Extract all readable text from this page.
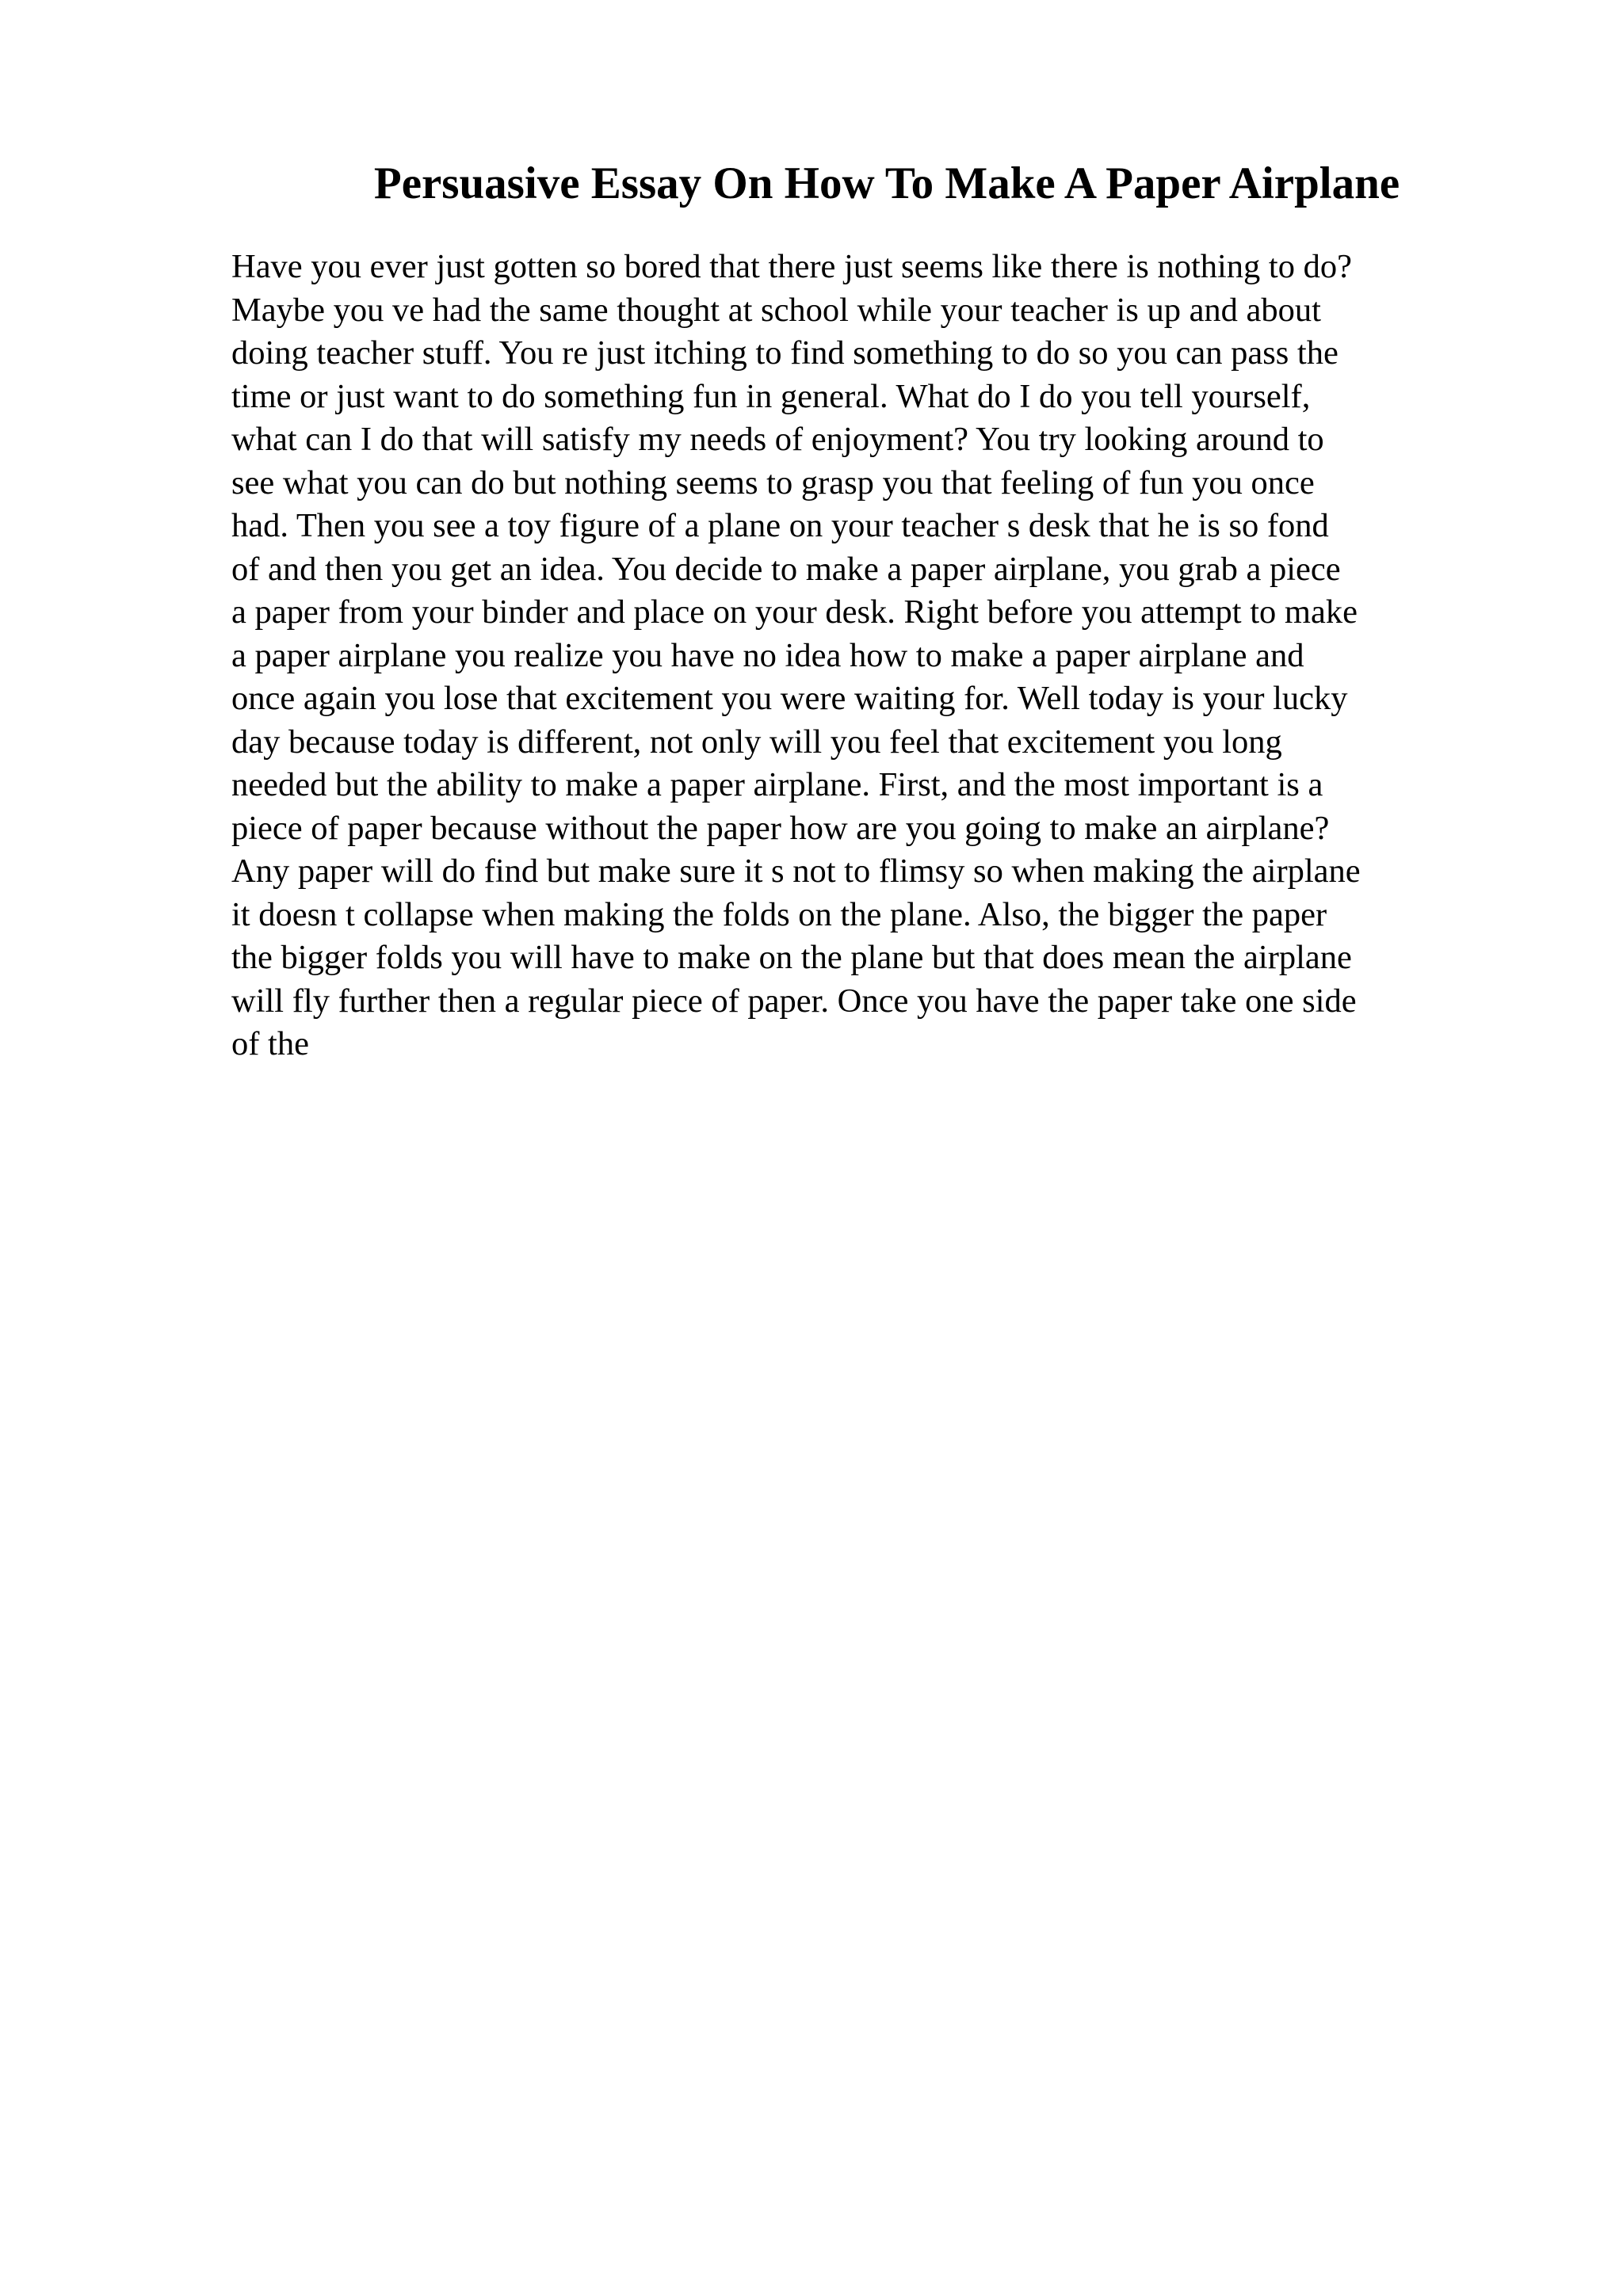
Persuasive Essay On How To Make A Paper Airplane

Have you ever just gotten so bored that there just seems like there is nothing to do?
Maybe you ve had the same thought at school while your teacher is up and about
doing teacher stuff. You re just itching to find something to do so you can pass the
time or just want to do something fun in general. What do I do you tell yourself,
what can I do that will satisfy my needs of enjoyment? You try looking around to
see what you can do but nothing seems to grasp you that feeling of fun you once
had. Then you see a toy figure of a plane on your teacher s desk that he is so fond
of and then you get an idea. You decide to make a paper airplane, you grab a piece
a paper from your binder and place on your desk. Right before you attempt to make
a paper airplane you realize you have no idea how to make a paper airplane and
once again you lose that excitement you were waiting for. Well today is your lucky
day because today is different, not only will you feel that excitement you long
needed but the ability to make a paper airplane. First, and the most important is a
piece of paper because without the paper how are you going to make an airplane?
Any paper will do find but make sure it s not to flimsy so when making the airplane
it doesn t collapse when making the folds on the plane. Also, the bigger the paper
the bigger folds you will have to make on the plane but that does mean the airplane
will fly further then a regular piece of paper. Once you have the paper take one side
of the
